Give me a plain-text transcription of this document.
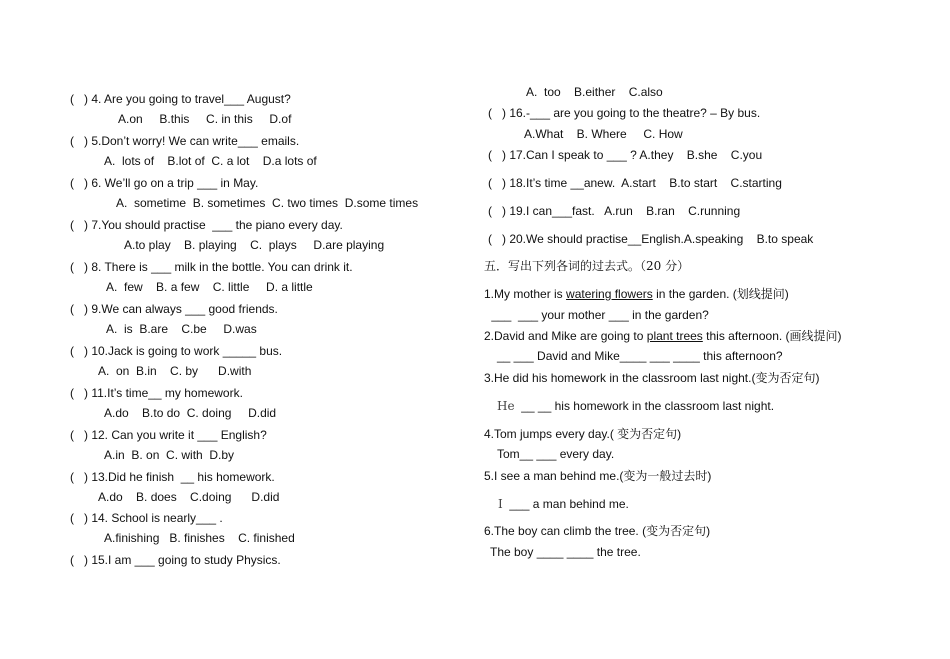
(   ) 4. Are you going to travel___ August?
A.on     B.this     C. in this     D.of
(   ) 5.Don’t worry! We can write___ emails.
A.  lots of    B.lot of  C. a lot    D.a lots of
(   ) 6. We’ll go on a trip ___ in May.
A.  sometime  B. sometimes  C. two times  D.some times
(   ) 7.You should practise  ___ the piano every day.
A.to play    B. playing    C.  plays     D.are playing
(   ) 8. There is ___ milk in the bottle. You can drink it.
A.  few    B. a few    C. little     D. a little
(   ) 9.We can always ___ good friends.
A.  is  B.are    C.be     D.was
(   ) 10.Jack is going to work _____ bus.
A.  on  B.in    C. by      D.with
(   ) 11.It’s time__ my homework.
A.do    B.to do  C. doing     D.did
(   ) 12. Can you write it ___ English?
A.in  B. on  C. with  D.by
(   ) 13.Did he finish  __ his homework.
A.do    B. does    C.doing      D.did
(   ) 14. School is nearly___ .
A.finishing   B. finishes    C. finished
(   ) 15.I am ___ going to study Physics.
A.  too    B.either    C.also
(   ) 16.-___ are you going to the theatre? – By bus.
A.What    B. Where     C. How
(   ) 17.Can I speak to ___ ? A.they    B.she    C.you
(   ) 18.It’s time __anew.  A.start    B.to start    C.starting
(   ) 19.I can___fast.   A.run    B.ran    C.running
(   ) 20.We should practise__English.A.speaking    B.to speak
五．写出下列各词的过去式。（20 分）
1.My mother is watering flowers in the garden. (划线提问)
___  ___ your mother ___ in the garden?
2.David and Mike are going to plant trees this afternoon. (画线提问)
__ ___ David and Mike____ ___ ____ this afternoon?
3.He did his homework in the classroom last night.(变为否定句)
He  __ __ his homework in the classroom last night.
4.Tom jumps every day.( 变为否定句)
Tom__ ___ every day.
5.I see a man behind me.(变为一般过去时)
I  ___ a man behind me.
6.The boy can climb the tree. (变为否定句)
The boy ____ ____ the tree.
